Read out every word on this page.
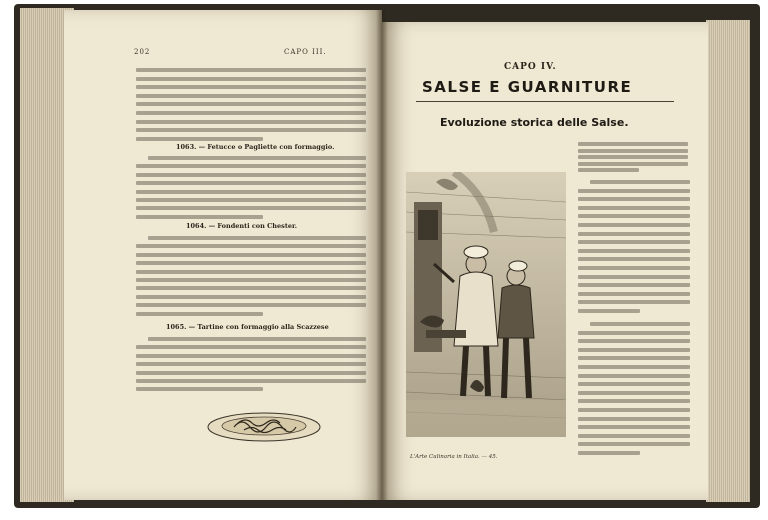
202	CAPO III.
1063. — Fetucce o Pagliette con formaggio.
1064. — Fondenti con Chester.
1065. — Tartine con formaggio alla Scazzese
CAPO IV.
SALSE E GUARNITURE
Evoluzione storica delle Salse.
L'Arte Culinaria in Italia. — 45.
